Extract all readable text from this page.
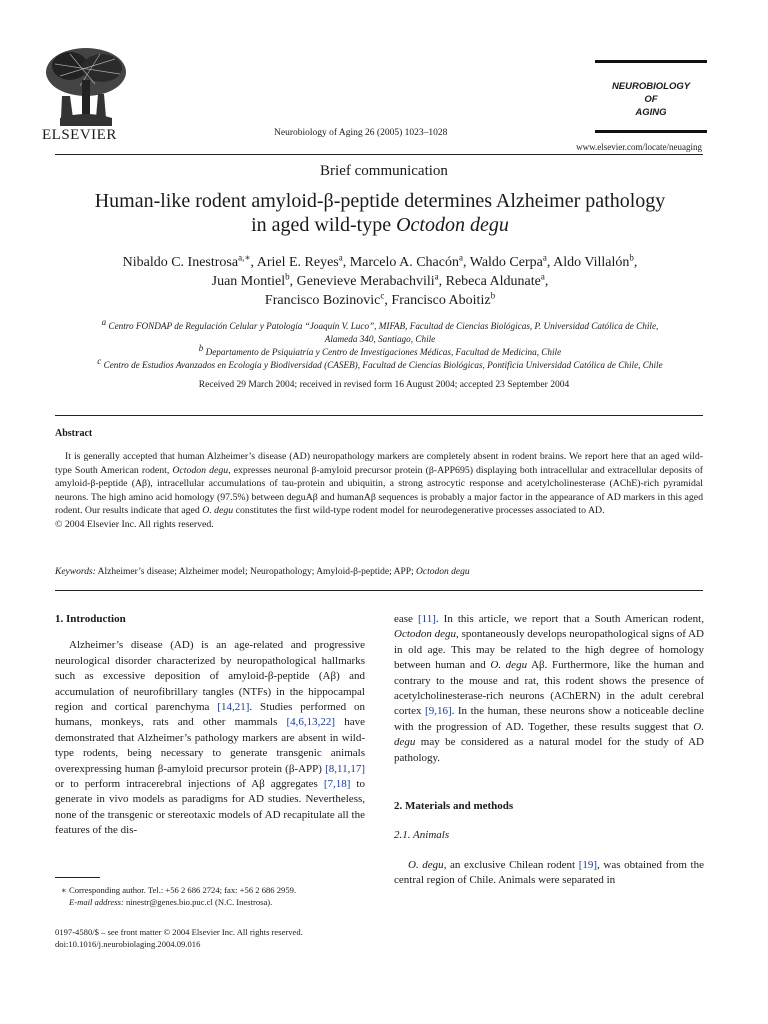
ELSEVIER	Neurobiology of Aging 26 (2005) 1023–1028
NEUROBIOLOGY
OF
AGING
www.elsevier.com/locate/neuaging
Brief communication
Human-like rodent amyloid-β-peptide determines Alzheimer pathology
in aged wild-type Octodon degu
Nibaldo C. Inestrosa$^{a,∗}$, Ariel E. Reyes$^a$, Marcelo A. Chacón$^a$, Waldo Cerpa$^a$, Aldo Villalón$^b$,
Juan Montiel$^b$, Genevieve Merabachvili$^a$, Rebeca Aldunate$^a$,
Francisco Bozinovic$^c$, Francisco Aboitiz$^b$
$^a$ Centro FONDAP de Regulación Celular y Patología “Joaquín V. Luco”, MIFAB, Facultad de Ciencias Biológicas, P. Universidad Católica de Chile,
Alameda 340, Santiago, Chile
$^b$ Departamento de Psiquiatría y Centro de Investigaciones Médicas, Facultad de Medicina, Chile
$^c$ Centro de Estudios Avanzados en Ecología y Biodiversidad (CASEB), Facultad de Ciencias Biológicas, Pontificia Universidad Católica de Chile, Chile
Received 29 March 2004; received in revised form 16 August 2004; accepted 23 September 2004
Abstract

It is generally accepted that human Alzheimer’s disease (AD) neuropathology markers are completely absent in rodent brains. We report here that an aged wild-type South American rodent, Octodon degu, expresses neuronal β-amyloid precursor protein (β-APP695) displaying both intracellular and extracellular deposits of amyloid-β-peptide (Aβ), intracellular accumulations of tau-protein and ubiquitin, a strong astrocytic response and acetylcholinesterase (AChE)-rich pyramidal neurons. The high amino acid homology (97.5%) between deguAβ and humanAβ sequences is probably a major factor in the appearance of AD markers in this aged rodent. Our results indicate that aged O. degu constitutes the first wild-type rodent model for neurodegenerative processes associated to AD.

© 2004 Elsevier Inc. All rights reserved.

Keywords: Alzheimer’s disease; Alzheimer model; Neuropathology; Amyloid-β-peptide; APP; Octodon degu

1. Introduction

Alzheimer’s disease (AD) is an age-related and progressive neurological disorder characterized by neuropathological hallmarks such as excessive deposition of amyloid-β-peptide (Aβ) and accumulation of neurofibrillary tangles (NTFs) in the hippocampal region and cortical parenchyma [14,21]. Studies performed on humans, monkeys, rats and other mammals [4,6,13,22] have demonstrated that Alzheimer’s pathology markers are absent in wild-type rodents, being necessary to generate transgenic animals overexpressing human β-amyloid precursor protein (β-APP) [8,11,17] or to perform intracerebral injections of Aβ aggregates [7,18] to generate in vivo models as paradigms for AD studies. Nevertheless, none of the transgenic or stereotaxic models of AD recapitulate all the features of the dis-

ease [11]. In this article, we report that a South American rodent, Octodon degu, spontaneously develops neuropathological signs of AD in old age. This may be related to the high degree of homology between human and O. degu Aβ. Furthermore, like the human and contrary to the mouse and rat, this rodent shows the presence of acetylcholinesterase-rich neurons (AChERN) in the adult cerebral cortex [9,16]. In the human, these neurons show a noticeable decline with the progression of AD. Together, these results suggest that O. degu may be considered as a natural model for the study of AD pathology.

2. Materials and methods

2.1. Animals

O. degu, an exclusive Chilean rodent [19], was obtained from the central region of Chile. Animals were separated in

∗ Corresponding author. Tel.: +56 2 686 2724; fax: +56 2 686 2959.
E-mail address: ninestr@genes.bio.puc.cl (N.C. Inestrosa).
0197-4580/$ – see front matter © 2004 Elsevier Inc. All rights reserved.
doi:10.1016/j.neurobiolaging.2004.09.016
